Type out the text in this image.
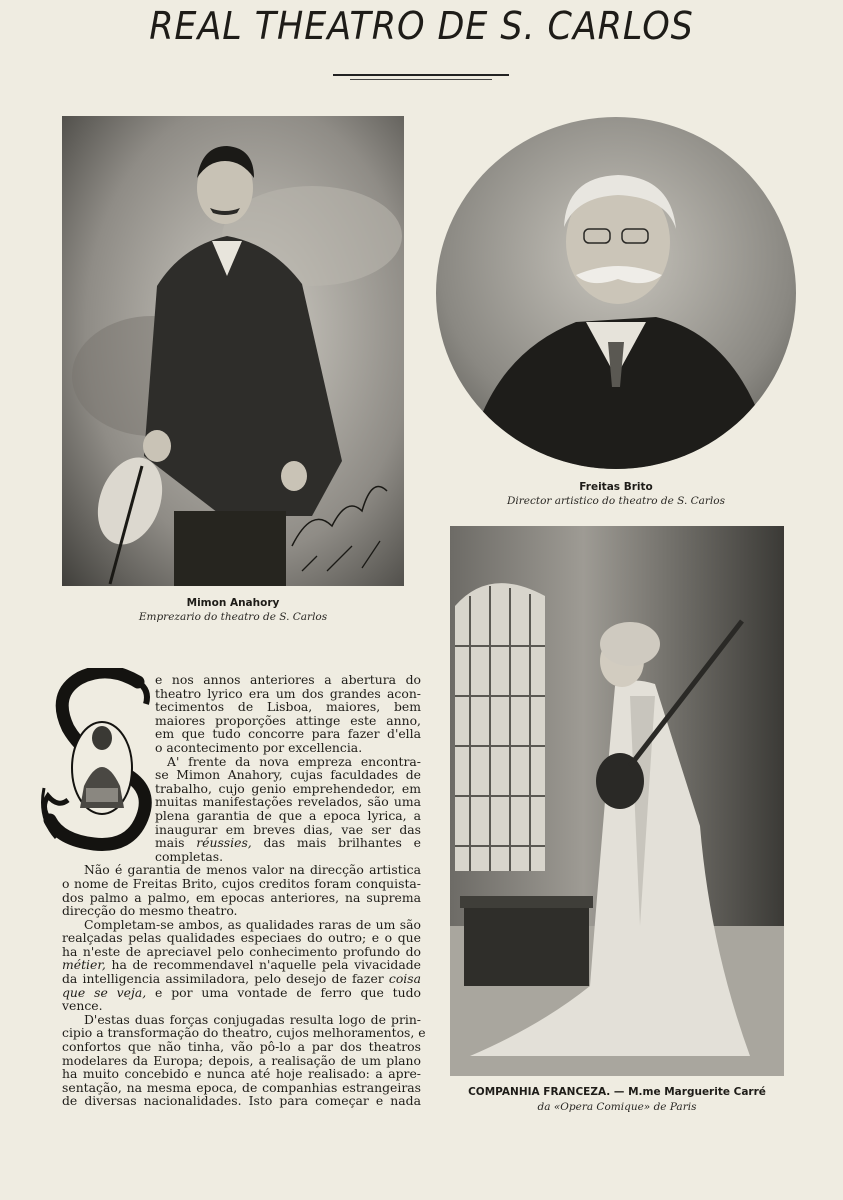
REAL THEATRO DE S. CARLOS
Mimon Anahory
Emprezario do theatro de S. Carlos
Freitas Brito
Director artistico do theatro de S. Carlos
COMPANHIA FRANCEZA. — M.me Marguerite Carré
da «Opera Comique» de Paris
e nos annos anteriores a abertura do
theatro lyrico era um dos grandes acon-
tecimentos de Lisboa, maiores, bem
maiores proporções attinge este anno,
em que tudo concorre para fazer d'ella
o acontecimento por excellencia.
A' frente da nova empreza encontra-
se Mimon Anahory, cujas faculdades de
trabalho, cujo genio emprehendedor, em
muitas manifestações revelados, são uma
plena garantia de que a epoca lyrica, a
inaugurar em breves dias, vae ser das
mais réussies, das mais brilhantes e
completas.
Não é garantia de menos valor na direcção artistica
o nome de Freitas Brito, cujos creditos foram conquista-
dos palmo a palmo, em epocas anteriores, na suprema
direcção do mesmo theatro.
Completam-se ambos, as qualidades raras de um são
realçadas pelas qualidades especiaes do outro; e o que
ha n'este de apreciavel pelo conhecimento profundo do
métier, ha de recommendavel n'aquelle pela vivacidade
da intelligencia assimiladora, pelo desejo de fazer coisa
que se veja, e por uma vontade de ferro que tudo
vence.
D'estas duas forças conjugadas resulta logo de prin-
cipio a transformação do theatro, cujos melhoramentos, e
confortos que não tinha, vão pô-lo a par dos theatros
modelares da Europa; depois, a realisação de um plano
ha muito concebido e nunca até hoje realisado: a apre-
sentação, na mesma epoca, de companhias estrangeiras
de diversas nacionalidades. Isto para começar e nada
